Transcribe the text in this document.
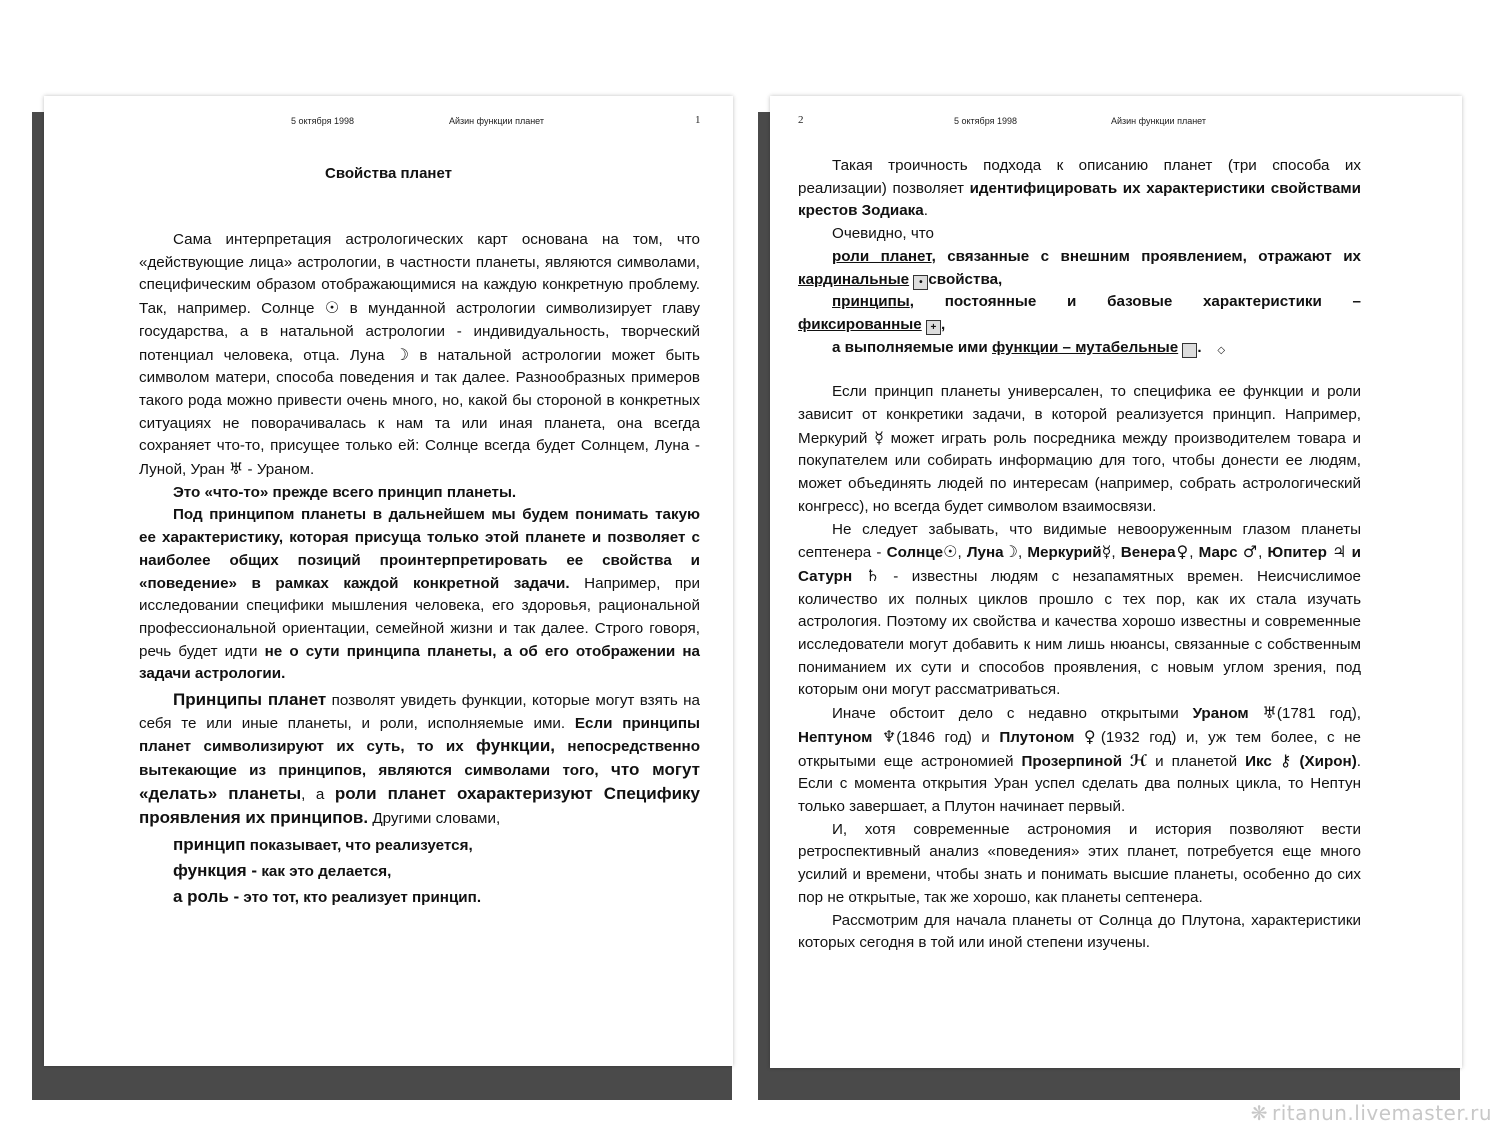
5 октября 1998	Айзин функции планет	1
Свойства планет

Сама интерпретация астрологических карт основана на том, что «действующие лица» астрологии, в частности планеты, являются символами, специфическим образом отображающимися на каждую конкретную проблему. Так, например. Солнце ☉ в мунданной астрологии символизирует главу государства, а в натальной астрологии - индивидуальность, творческий потенциал человека, отца. Луна ☽ в натальной астрологии может быть символом матери, способа поведения и так далее. Разнообразных примеров такого рода можно привести очень много, но, какой бы стороной в конкретных ситуациях не поворачивалась к нам та или иная планета, она всегда сохраняет что-то, присущее только ей: Солнце всегда будет Солнцем, Луна - Луной, Уран ♅ - Ураном.

Это «что-то» прежде всего принцип планеты.

Под принципом планеты в дальнейшем мы будем понимать такую ее характеристику, которая присуща только этой планете и позволяет с наиболее общих позиций проинтерпретировать ее свойства и «поведение» в рамках каждой конкретной задачи. Например, при исследовании специфики мышления человека, его здоровья, рациональной профессиональной ориентации, семейной жизни и так далее. Строго говоря, речь будет идти не о сути принципа планеты, а об его отображении на задачи астрологии.

Принципы планет позволят увидеть функции, которые могут взять на себя те или иные планеты, и роли, исполняемые ими. Если принципы планет символизируют их суть, то их функции, непосредственно вытекающие из принципов, являются символами того, что могут «делать» планеты, а роли планет охарактеризуют Специфику проявления их принципов. Другими словами,

принцип показывает, что реализуется,
функция - как это делается,
а роль - это тот, кто реализует принцип.
2	5 октября 1998	Айзин функции планет

Такая троичность подхода к описанию планет (три способа их реализации) позволяет идентифицировать их характеристики свойствами крестов Зодиака.

Очевидно, что

роли планет, связанные с внешним проявлением, отражают их
кардинальные • свойства,
принципы, постоянные и базовые характеристики –
фиксированные + ,
а выполняемые ими функции – мутабельные	◇.

Если принцип планеты универсален, то специфика ее функции и роли зависит от конкретики задачи, в которой реализуется принцип. Например, Меркурий ☿ может играть роль посредника между производителем товара и покупателем или собирать информацию для того, чтобы донести ее людям, может объединять людей по интересам (например, собрать астрологический конгресс), но всегда будет символом взаимосвязи.

Не следует забывать, что видимые невооруженным глазом планеты септенера - Солнце☉, Луна☽, Меркурий☿, Венера♀, Марс ♂, Юпитер ♃ и Сатурн ♄ - известны людям с незапамятных времен. Неисчислимое количество их полных циклов прошло с тех пор, как их стала изучать астрология. Поэтому их свойства и качества хорошо известны и современные исследователи могут добавить к ним лишь нюансы, связанные с собственным пониманием их сути и способов проявления, с новым углом зрения, под которым они могут рассматриваться.

Иначе обстоит дело с недавно открытыми Ураном ♅(1781 год), Нептуном ♆(1846 год) и Плутоном ♀(1932 год) и, уж тем более, с не открытыми еще астрономией Прозерпиной ℋ и планетой Икс ⚷ (Хирон). Если с момента открытия Уран успел сделать два полных цикла, то Нептун только завершает, а Плутон начинает первый.

И, хотя современные астрономия и история позволяют вести ретроспективный анализ «поведения» этих планет, потребуется еще много усилий и времени, чтобы знать и понимать высшие планеты, особенно до сих пор не открытые, так же хорошо, как планеты септенера.

Рассмотрим для начала планеты от Солнца до Плутона, характеристики которых сегодня в той или иной степени изучены.

❋ ritanun.livemaster.ru
